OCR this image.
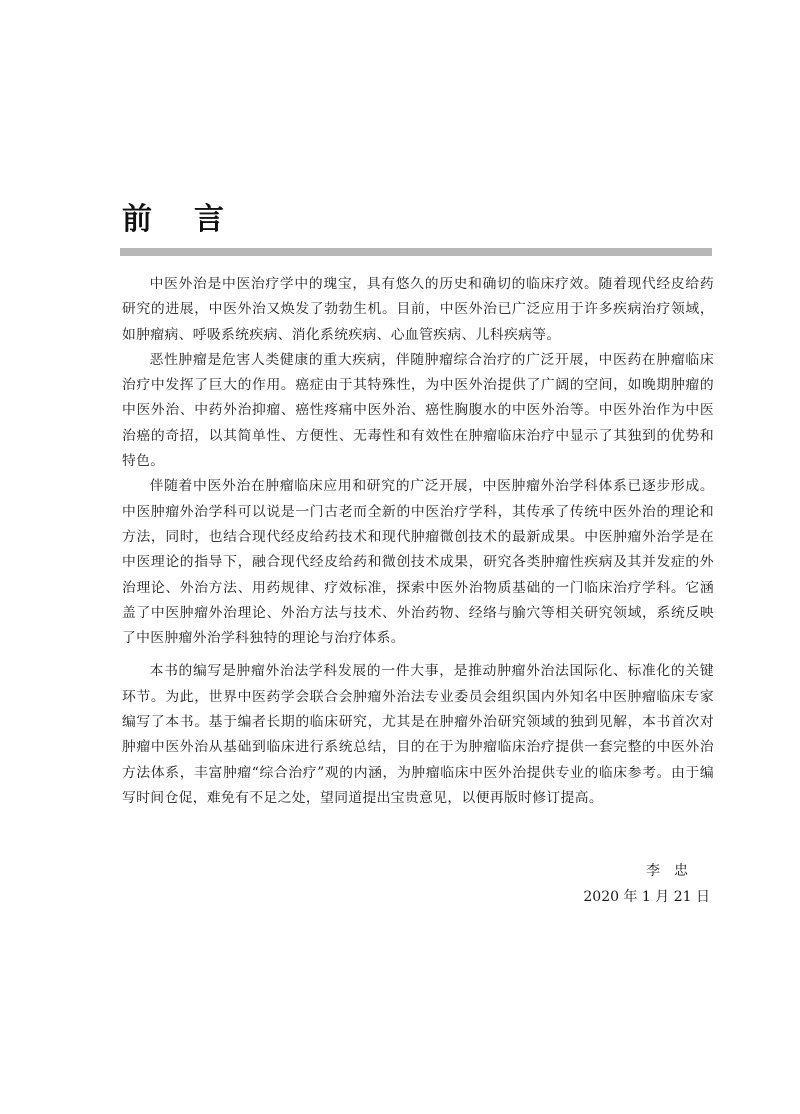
前言

中医外治是中医治疗学中的瑰宝，具有悠久的历史和确切的临床疗效。随着现代经皮给药研究的进展，中医外治又焕发了勃勃生机。目前，中医外治已广泛应用于许多疾病治疗领域，如肿瘤病、呼吸系统疾病、消化系统疾病、心血管疾病、儿科疾病等。

恶性肿瘤是危害人类健康的重大疾病，伴随肿瘤综合治疗的广泛开展，中医药在肿瘤临床治疗中发挥了巨大的作用。癌症由于其特殊性，为中医外治提供了广阔的空间，如晚期肿瘤的中医外治、中药外治抑瘤、癌性疼痛中医外治、癌性胸腹水的中医外治等。中医外治作为中医治癌的奇招，以其简单性、方便性、无毒性和有效性在肿瘤临床治疗中显示了其独到的优势和特色。

伴随着中医外治在肿瘤临床应用和研究的广泛开展，中医肿瘤外治学科体系已逐步形成。中医肿瘤外治学科可以说是一门古老而全新的中医治疗学科，其传承了传统中医外治的理论和方法，同时，也结合现代经皮给药技术和现代肿瘤微创技术的最新成果。中医肿瘤外治学是在中医理论的指导下，融合现代经皮给药和微创技术成果，研究各类肿瘤性疾病及其并发症的外治理论、外治方法、用药规律、疗效标准，探索中医外治物质基础的一门临床治疗学科。它涵盖了中医肿瘤外治理论、外治方法与技术、外治药物、经络与腧穴等相关研究领域，系统反映了中医肿瘤外治学科独特的理论与治疗体系。

本书的编写是肿瘤外治法学科发展的一件大事，是推动肿瘤外治法国际化、标准化的关键环节。为此，世界中医药学会联合会肿瘤外治法专业委员会组织国内外知名中医肿瘤临床专家编写了本书。基于编者长期的临床研究，尤其是在肿瘤外治研究领域的独到见解，本书首次对肿瘤中医外治从基础到临床进行系统总结，目的在于为肿瘤临床治疗提供一套完整的中医外治方法体系，丰富肿瘤“综合治疗”观的内涵，为肿瘤临床中医外治提供专业的临床参考。由于编写时间仓促，难免有不足之处，望同道提出宝贵意见，以便再版时修订提高。

李忠
2020 年 1 月 21 日
